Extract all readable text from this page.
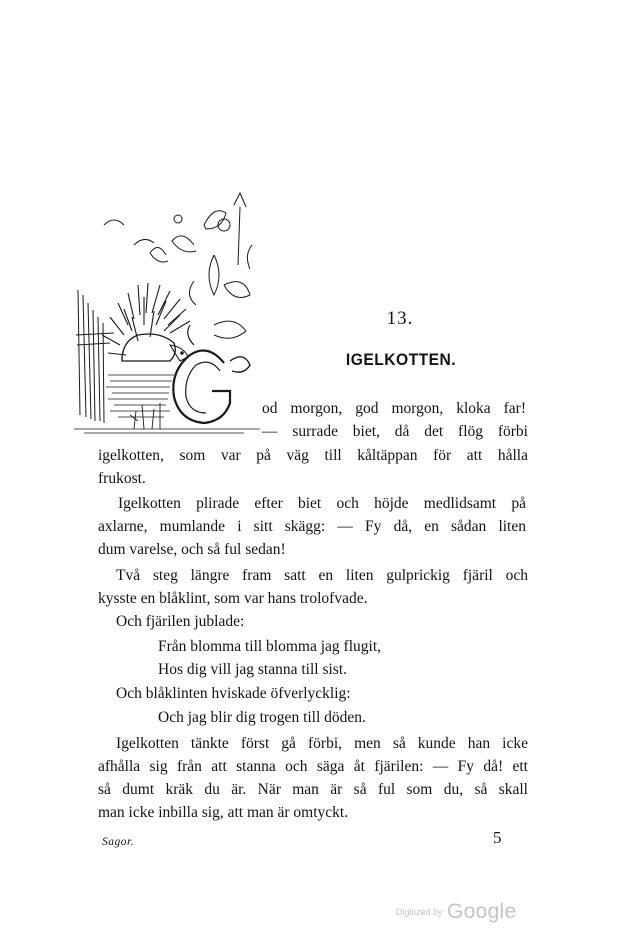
13.
IGELKOTTEN.
od morgon, god morgon, kloka far!
— surrade biet, då det flög förbi
igelkotten, som var på väg till kåltäppan för att hålla
frukost.
Igelkotten plirade efter biet och höjde medlidsamt på
axlarne, mumlande i sitt skägg: — Fy då, en sådan liten
dum varelse, och så ful sedan!
Två steg längre fram satt en liten gulprickig fjäril och
kysste en blåklint, som var hans trolofvade.
Och fjärilen jublade:
Från blomma till blomma jag flugit,
Hos dig vill jag stanna till sist.
Och blåklinten hviskade öfverlycklig:
Och jag blir dig trogen till döden.
Igelkotten tänkte först gå förbi, men så kunde han icke
afhålla sig från att stanna och säga åt fjärilen: — Fy då! ett
så dumt kräk du är. När man är så ful som du, så skall
man icke inbilla sig, att man är omtyckt.
Sagor.	5
Digitized by Google
